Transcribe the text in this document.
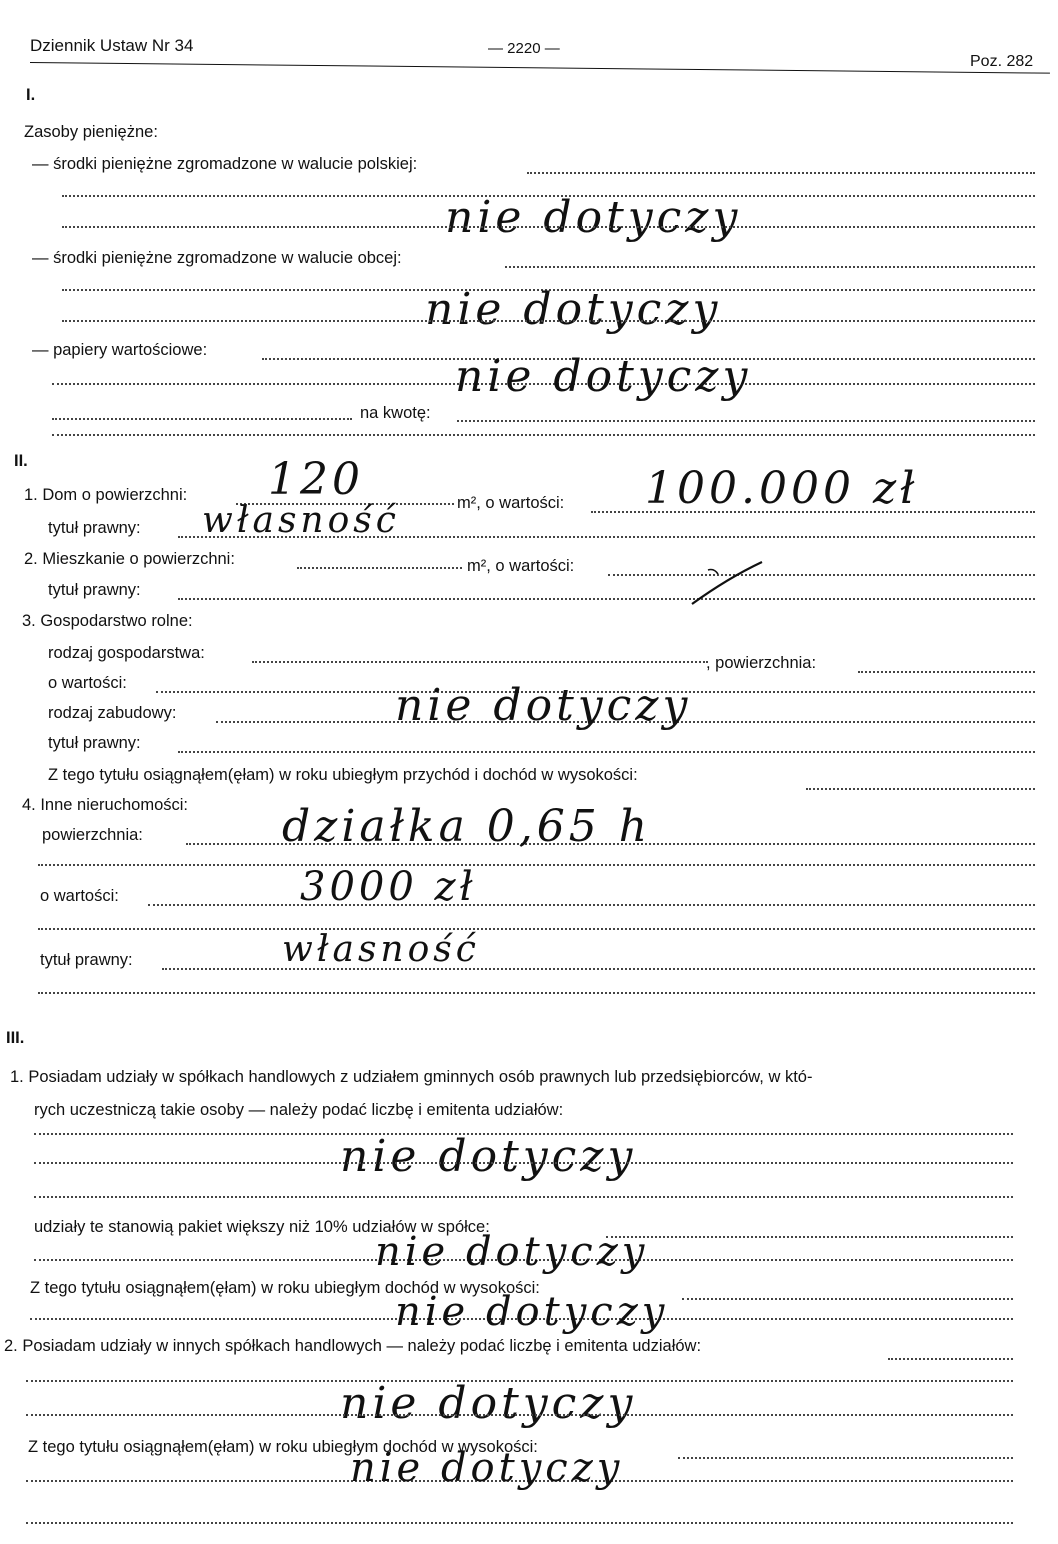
Dziennik Ustaw Nr 34	— 2220 —
Poz. 282
I.
Zasoby pieniężne:
— środki pieniężne zgromadzone w walucie polskiej:
nie dotyczy
— środki pieniężne zgromadzone w walucie obcej:
nie dotyczy
— papiery wartościowe:
nie dotyczy
na kwotę:
II.
1. Dom o powierzchni: 120	m², o wartości: 100.000 zł
tytuł prawny: własność
2. Mieszkanie o powierzchni:	m², o wartości:
tytuł prawny:
3. Gospodarstwo rolne:
rodzaj gospodarstwa:
, powierzchnia:
o wartości:
rodzaj zabudowy:	nie dotyczy
tytuł prawny:
Z tego tytułu osiągnąłem(ęłam) w roku ubiegłym przychód i dochód w wysokości:
4. Inne nieruchomości:
powierzchnia:	działka 0,65 h
o wartości:	3000 zł
tytuł prawny:	własność
III.
1. Posiadam udziały w spółkach handlowych z udziałem gminnych osób prawnych lub przedsiębiorców, w któ-
rych uczestniczą takie osoby — należy podać liczbę i emitenta udziałów:
nie dotyczy
udziały te stanowią pakiet większy niż 10% udziałów w spółce:
nie dotyczy
Z tego tytułu osiągnąłem(ęłam) w roku ubiegłym dochód w wysokości:
nie dotyczy
2. Posiadam udziały w innych spółkach handlowych — należy podać liczbę i emitenta udziałów:
nie dotyczy
Z tego tytułu osiągnąłem(ęłam) w roku ubiegłym dochód w wysokości:
nie dotyczy
